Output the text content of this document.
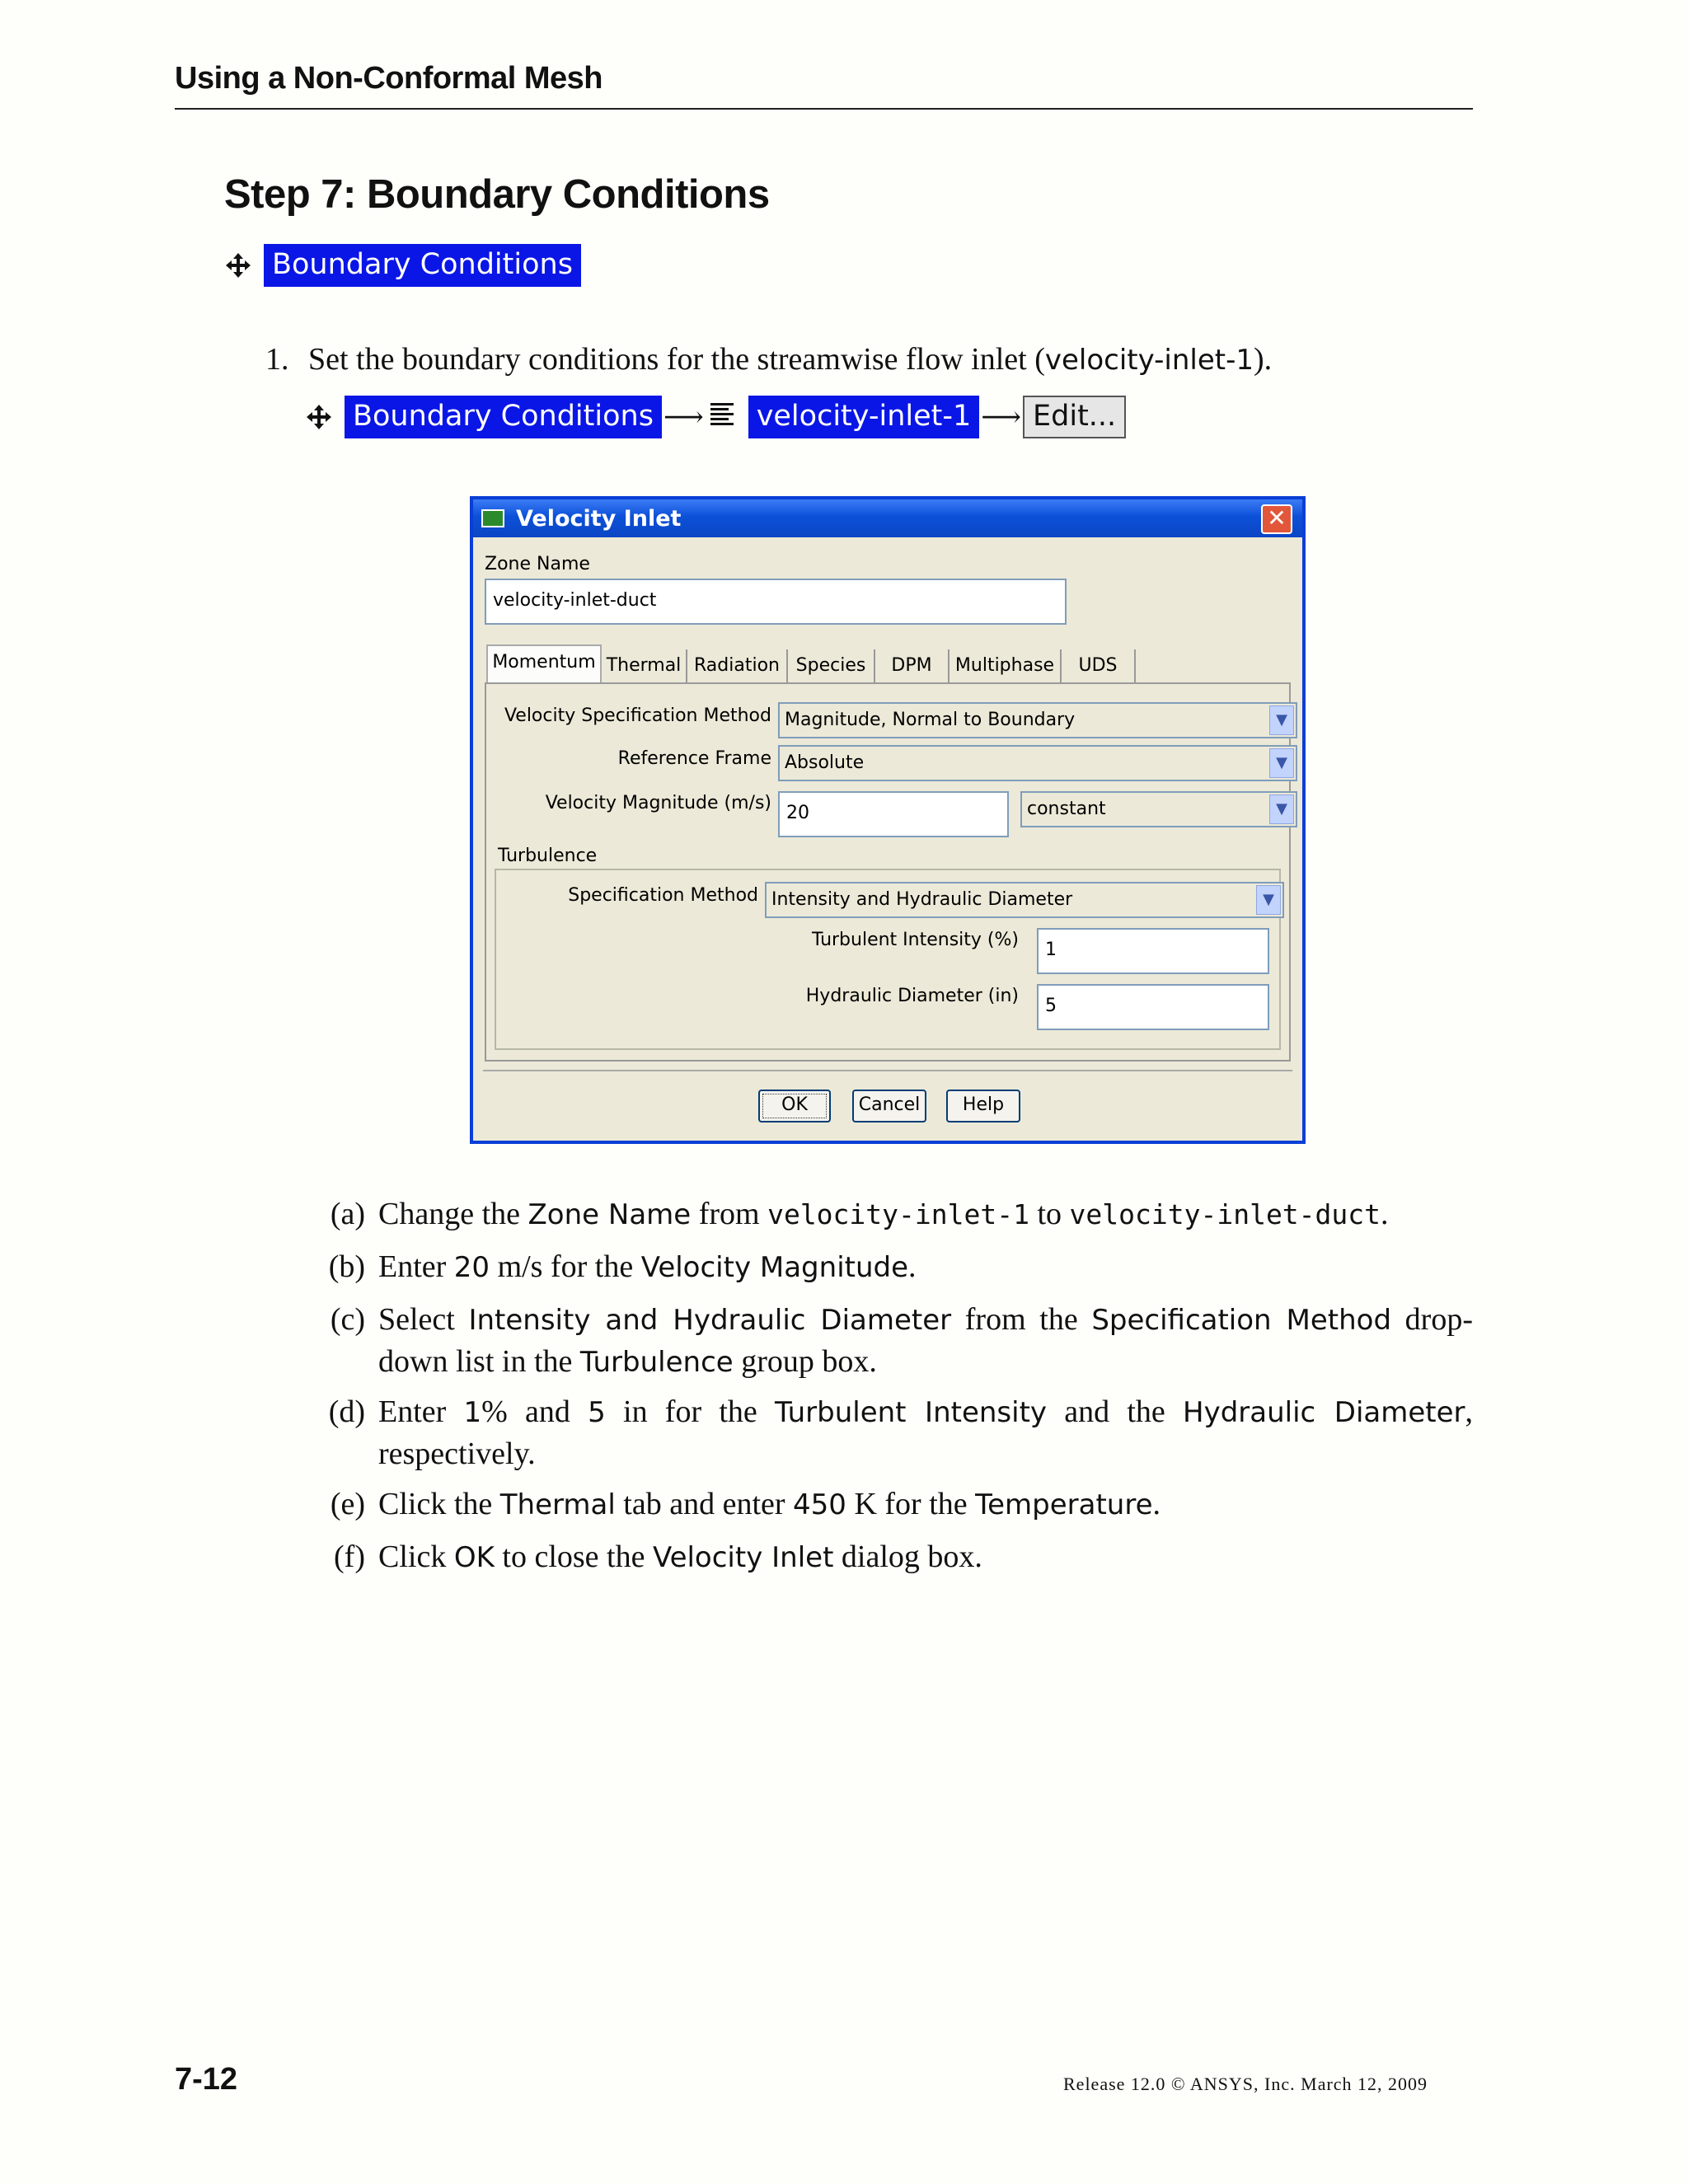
Using a Non-Conformal Mesh
Step 7: Boundary Conditions
Boundary Conditions
1. Set the boundary conditions for the streamwise flow inlet (velocity-inlet-1).
Boundary Conditions ⟶ velocity-inlet-1 ⟶ Edit...
Velocity Inlet	✕
Zone Name
velocity-inlet-duct
Momentum Thermal Radiation Species	DPM	Multiphase	UDS
Velocity Specification Method Magnitude, Normal to Boundary	▼
Reference Frame Absolute	▼
Velocity Magnitude (m/s) 20	constant	▼
Turbulence
Specification Method Intensity and Hydraulic Diameter	▼
Turbulent Intensity (%)	1
Hydraulic Diameter (in)	5
OK	Cancel	Help
(a) Change the Zone Name from velocity-inlet-1 to velocity-inlet-duct.
(b) Enter 20 m/s for the Velocity Magnitude.
(c) Select Intensity and Hydraulic Diameter from the Specification Method drop-down list in the Turbulence group box.
(d) Enter 1% and 5 in for the Turbulent Intensity and the Hydraulic Diameter, respectively.
(e) Click the Thermal tab and enter 450 K for the Temperature.
(f) Click OK to close the Velocity Inlet dialog box.
7-12	Release 12.0 © ANSYS, Inc. March 12, 2009
